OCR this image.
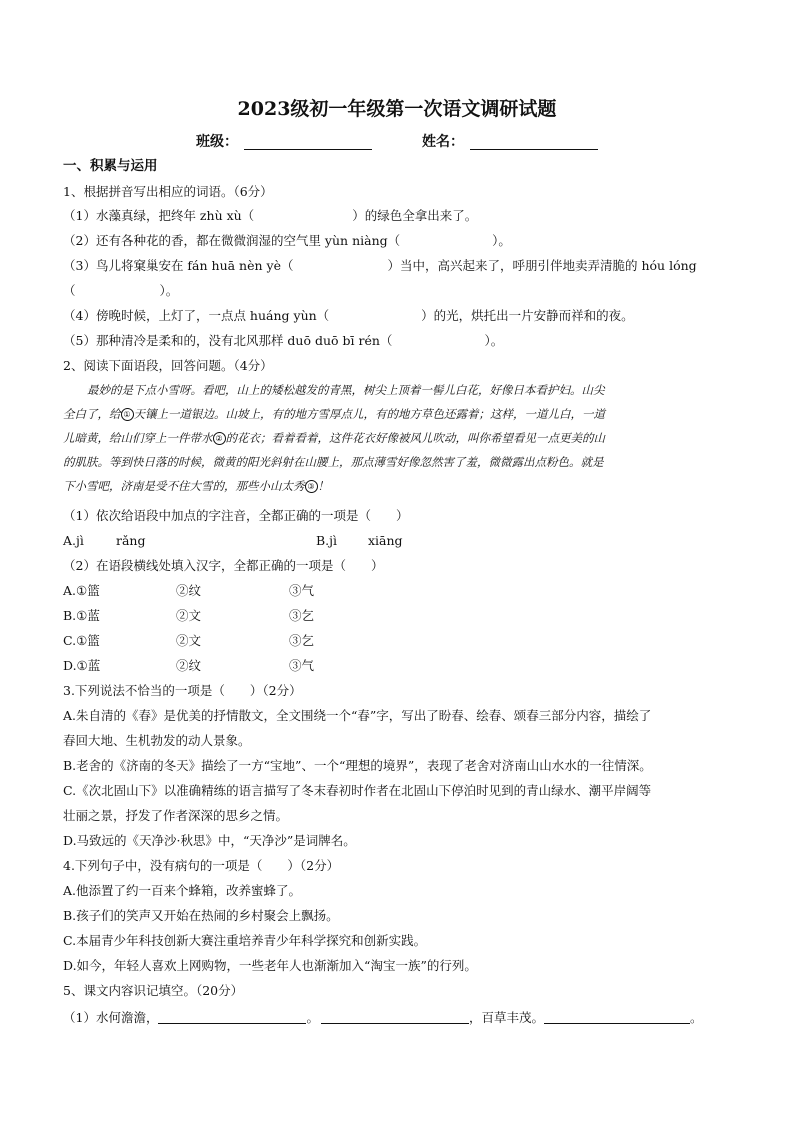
2023级初一年级第一次语文调研试题
班级：	姓名：
一、积累与运用
1、根据拼音写出相应的词语。（6分）
（1）水藻真绿，把终年 zhù xù（	）的绿色全拿出来了。
（2）还有各种花的香，都在微微润湿的空气里 yùn niàng（	）。
（3）鸟儿将窠巢安在 fán huā nèn yè（	）当中，高兴起来了，呼朋引伴地卖弄清脆的 hóu lóng
（	）。
（4）傍晚时候，上灯了，一点点 huáng yùn（	）的光，烘托出一片安静而祥和的夜。
（5）那种清冷是柔和的，没有北风那样 duō duō bī rén（	）。
2、阅读下面语段，回答问题。（4分）

最妙的是下点小雪呀。看吧，山上的矮松越发的青黑，树尖上顶着一髻儿白花，好像日本看护妇。山尖

全白了，给 ① 天镶上一道银边。山坡上，有的地方雪厚点儿，有的地方草色还露着；这样，一道儿白，一道

儿暗黄，给山们穿上一件带水 ② 的花衣；看着看着，这件花衣好像被风儿吹动，叫你希望看见一点更美的山

的肌肤。等到快日落的时候，微黄的阳光斜射在山腰上，那点薄雪好像忽然害了羞，微微露出点粉色。就是

下小雪吧，济南是受不住大雪的，那些小山太秀 ③ ！

（1）依次给语段中加点的字注音，全都正确的一项是（　　）
A.jì	rǎng	B.jì xiāng
（2）在语段横线处填入汉字，全都正确的一项是（　　）
A.①篮	②纹	③气
B.①蓝	②文	③乞
C.①篮	②文	③乞
D.①蓝	②纹	③气
3.下列说法不恰当的一项是（　　）（2分）
A.朱自清的《春》是优美的抒情散文，全文围绕一个“春”字，写出了盼春、绘春、颂春三部分内容，描绘了
春回大地、生机勃发的动人景象。
B.老舍的《济南的冬天》描绘了一方“宝地”、一个“理想的境界”，表现了老舍对济南山山水水的一往情深。
C.《次北固山下》以准确精练的语言描写了冬末春初时作者在北固山下停泊时见到的青山绿水、潮平岸阔等
壮丽之景，抒发了作者深深的思乡之情。
D.马致远的《天净沙·秋思》中，“天净沙”是词牌名。
4.下列句子中，没有病句的一项是（　　）（2分）
A.他添置了约一百来个蜂箱，改养蜜蜂了。
B.孩子们的笑声又开始在热闹的乡村聚会上飘扬。
C.本届青少年科技创新大赛注重培养青少年科学探究和创新实践。
D.如今，年轻人喜欢上网购物，一些老年人也渐渐加入“淘宝一族”的行列。
5、课文内容识记填空。（20分）
（1）水何澹澹，	。	，百草丰茂。	。
